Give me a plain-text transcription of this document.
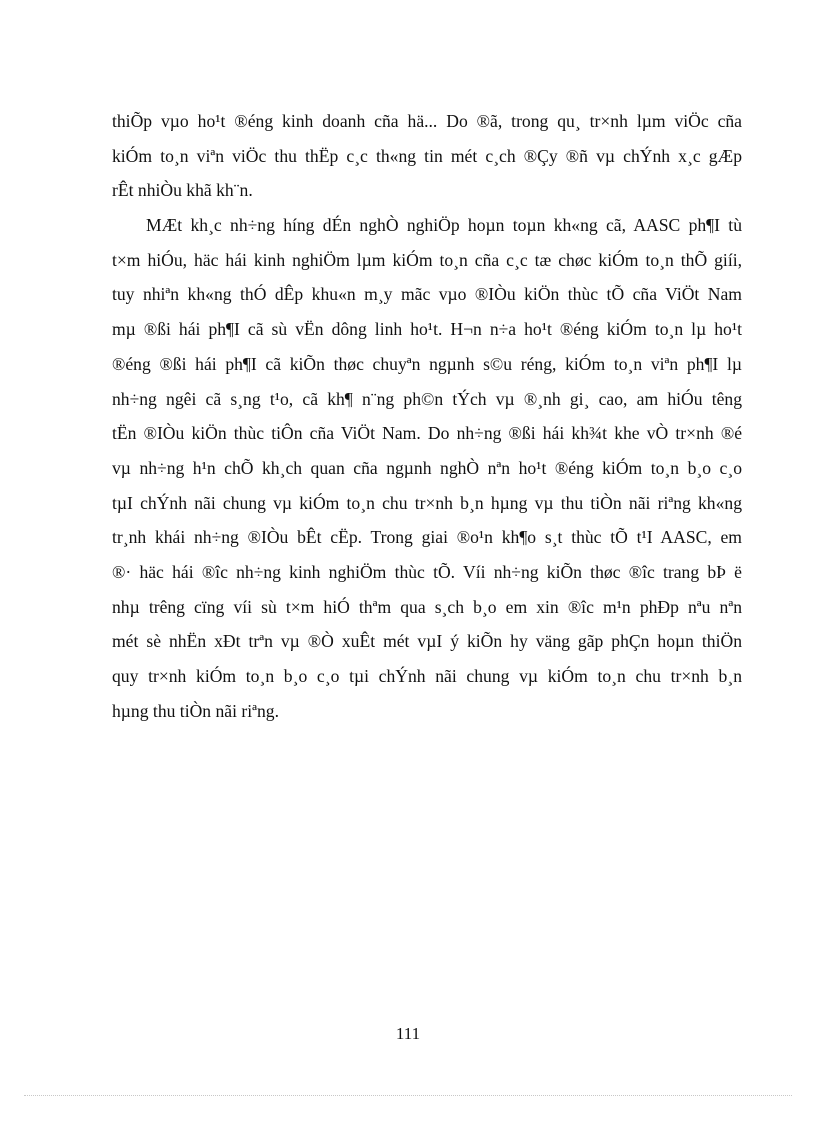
thiÕp vµo ho¹t ®éng kinh doanh cña hä... Do ®ã, trong qu¸ tr×nh lµm viÖc cña
kiÓm to¸n viªn viÖc thu thËp c¸c th«ng tin mét c¸ch ®Çy ®ñ vµ chÝnh x¸c gÆp
rÊt nhiÒu khã kh¨n.
MÆt kh¸c nh÷ng híng dÉn nghÒ nghiÖp hoµn toµn kh«ng cã, AASC ph¶I tù
t×m hiÓu, häc hái kinh nghiÖm lµm kiÓm to¸n cña c¸c tæ chøc kiÓm to¸n thÕ giíi,
tuy nhiªn kh«ng thÓ dÊp khu«n m¸y mãc vµo ®IÒu kiÖn thùc tÕ cña ViÖt Nam
mµ ®ßi hái ph¶I cã sù vËn dông linh ho¹t. H¬n n÷a ho¹t ®éng kiÓm to¸n lµ ho¹t
®éng ®ßi hái ph¶I cã kiÕn thøc chuyªn ngµnh s©u réng, kiÓm to¸n viªn ph¶I lµ
nh÷ng ngêi cã s¸ng t¹o, cã kh¶ n¨ng ph©n tÝch vµ ®¸nh gi¸ cao, am hiÓu têng
tËn ®IÒu kiÖn thùc tiÔn cña ViÖt Nam. Do nh÷ng ®ßi hái kh¾t khe vÒ tr×nh ®é
vµ nh÷ng h¹n chÕ kh¸ch quan cña ngµnh nghÒ nªn ho¹t ®éng kiÓm to¸n b¸o c¸o
tµI chÝnh nãi chung vµ kiÓm to¸n chu tr×nh b¸n hµng vµ thu tiÒn nãi riªng kh«ng
tr¸nh khái nh÷ng ®IÒu bÊt cËp. Trong giai ®o¹n kh¶o s¸t thùc tÕ t¹I AASC, em
®· häc hái ®îc nh÷ng kinh nghiÖm thùc tÕ. Víi nh÷ng kiÕn thøc ®îc trang bÞ ë
nhµ trêng cïng víi sù t×m hiÓ thªm qua s¸ch b¸o em xin ®îc m¹n phÐp nªu nªn
mét sè nhËn xÐt trªn vµ ®Ò xuÊt mét vµI ý kiÕn hy väng gãp phÇn hoµn thiÖn
quy tr×nh kiÓm to¸n b¸o c¸o tµi chÝnh nãi chung vµ kiÓm to¸n chu tr×nh b¸n
hµng thu tiÒn nãi riªng.
111
